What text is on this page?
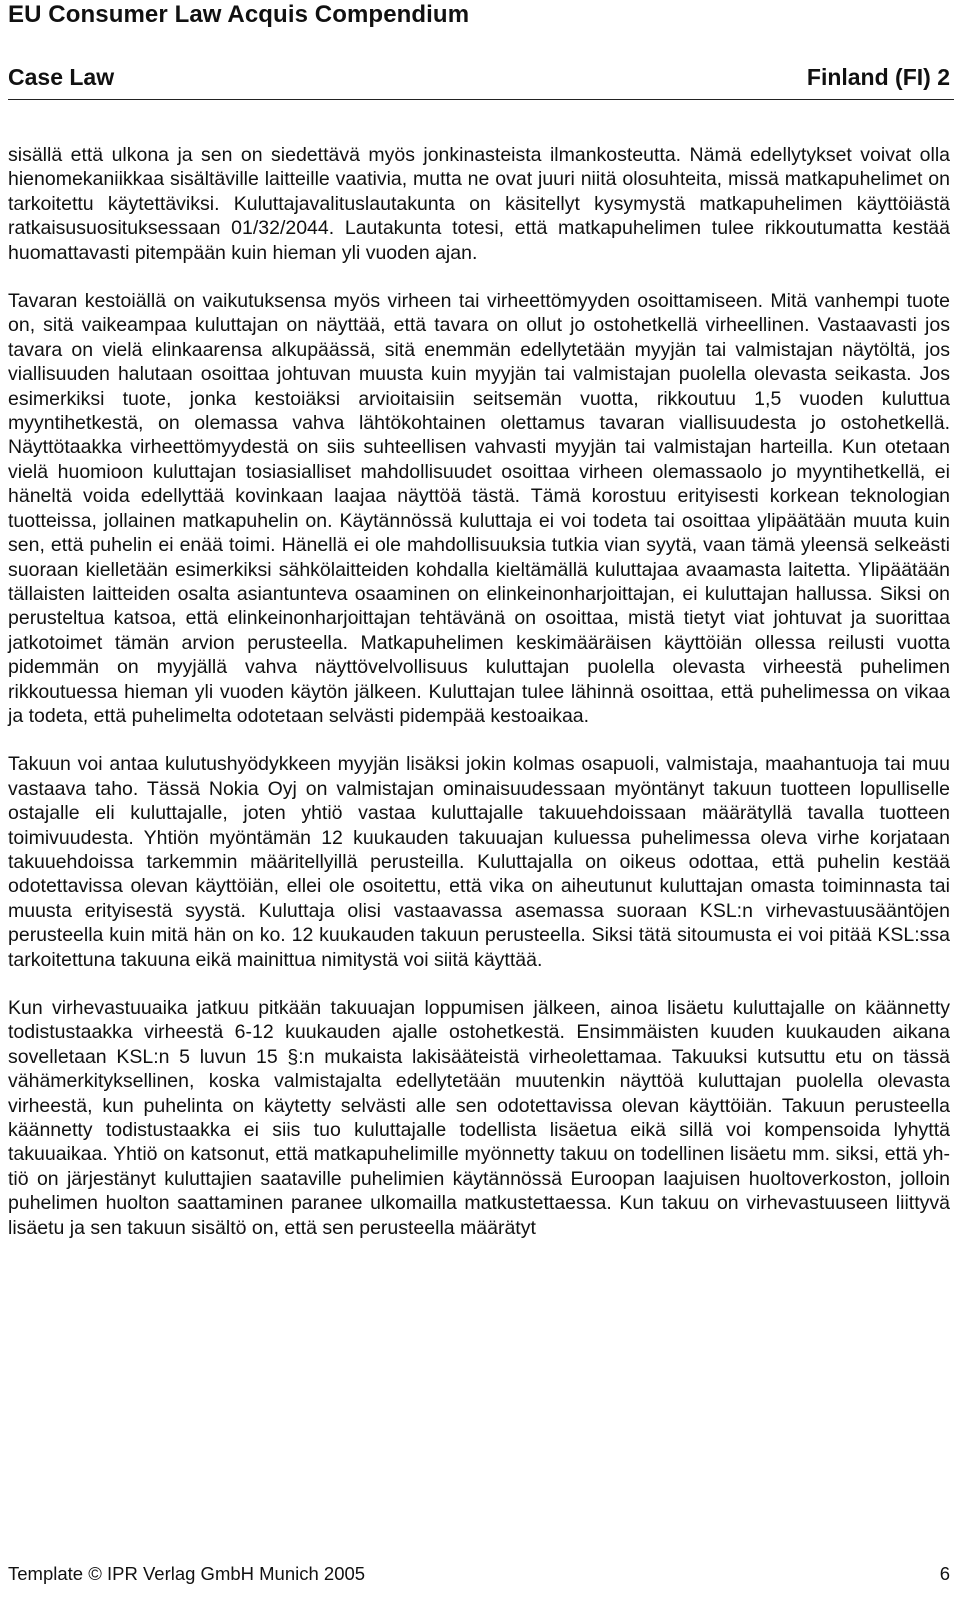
EU Consumer Law Acquis Compendium
Case Law	Finland (FI) 2

sisällä että ulkona ja sen on siedettävä myös jonkinasteista ilmankosteutta. Nämä edellytykset voivat olla hienomekaniikkaa sisältäville laitteille vaativia, mutta ne ovat juuri niitä olosuhteita, missä matkapuhelimet on tarkoitettu käytettäviksi. Kuluttajavalituslautakunta on käsitellyt kysymystä matkapuhelimen käyttöiästä ratkaisusuosituksessaan 01/32/2044. Lautakunta totesi, että matkapuhelimen tulee rikkoutumatta kestää huomattavasti pitempään kuin hieman yli vuoden ajan.

Tavaran kestoiällä on vaikutuksensa myös virheen tai virheettömyyden osoittamiseen. Mitä vanhempi tuote on, sitä vaikeampaa kuluttajan on näyttää, että tavara on ollut jo ostohetkellä virheellinen. Vastaavasti jos tavara on vielä elinkaarensa alkupäässä, sitä enemmän edellytetään myyjän tai valmistajan näytöltä, jos viallisuuden halutaan osoittaa johtuvan muusta kuin myyjän tai valmistajan puolella olevasta seikasta. Jos esimerkiksi tuote, jonka kestoiäksi arvioitaisiin seitsemän vuotta, rikkoutuu 1,5 vuoden kuluttua myyntihetkestä, on olemassa vahva lähtökohtainen olettamus tavaran viallisuudesta jo ostohetkellä. Näyttötaakka virheettömyydestä on siis suhteellisen vahvasti myyjän tai valmistajan harteilla. Kun otetaan vielä huomioon kuluttajan tosiasialliset mahdollisuudet osoittaa virheen olemassaolo jo myyntihetkellä, ei häneltä voida edellyttää kovinkaan laajaa näyttöä tästä. Tämä korostuu erityisesti korkean teknologian tuotteissa, jollainen matkapuhelin on. Käytännössä kuluttaja ei voi todeta tai osoittaa ylipäätään muuta kuin sen, että puhelin ei enää toimi. Hänellä ei ole mahdollisuuksia tutkia vian syytä, vaan tämä yleensä selkeästi suoraan kielletään esimerkiksi sähkölaitteiden kohdalla kieltämällä kuluttajaa avaamasta laitetta. Ylipäätään tällaisten laitteiden osalta asiantunteva osaaminen on elinkeinonharjoittajan, ei kuluttajan hallussa. Siksi on perusteltua katsoa, että elinkeinonharjoittajan tehtävänä on osoittaa, mistä tietyt viat johtuvat ja suorittaa jatkotoimet tämän arvion perusteella. Matkapuhelimen keskimääräisen käyttöiän ollessa reilusti vuotta pidemmän on myyjällä vahva näyttövelvollisuus kuluttajan puolella olevasta virheestä puhelimen rikkoutuessa hieman yli vuoden käytön jälkeen. Kuluttajan tulee lähinnä osoittaa, että puhelimessa on vikaa ja todeta, että puhelimelta odotetaan selvästi pidempää kestoaikaa.

Takuun voi antaa kulutushyödykkeen myyjän lisäksi jokin kolmas osapuoli, valmistaja, maahantuoja tai muu vastaava taho. Tässä Nokia Oyj on valmistajan ominaisuudessaan myöntänyt takuun tuotteen lopulliselle ostajalle eli kuluttajalle, joten yhtiö vastaa kuluttajalle takuuehdoissaan määrätyllä tavalla tuotteen toimivuudesta. Yhtiön myöntämän 12 kuukauden takuuajan kuluessa puhelimessa oleva virhe korjataan takuuehdoissa tarkemmin määritellyillä perusteilla. Kuluttajalla on oikeus odottaa, että puhelin kestää odotettavissa olevan käyttöiän, ellei ole osoitettu, että vika on aiheutunut kuluttajan omasta toiminnasta tai muusta erityisestä syystä. Kuluttaja olisi vastaavassa asemassa suoraan KSL:n virhevastuusääntöjen perusteella kuin mitä hän on ko. 12 kuukauden takuun perusteella. Siksi tätä sitoumusta ei voi pitää KSL:ssa tarkoitettuna takuuna eikä mainittua nimitystä voi siitä käyttää.

Kun virhevastuuaika jatkuu pitkään takuuajan loppumisen jälkeen, ainoa lisäetu kuluttajalle on käännetty todistustaakka virheestä 6-12 kuukauden ajalle ostohetkestä. Ensimmäisten kuuden kuukauden aikana sovelletaan KSL:n 5 luvun 15 §:n mukaista lakisääteistä virheolettamaa. Takuuksi kutsuttu etu on tässä vähämerkityksellinen, koska valmistajalta edellytetään muutenkin näyttöä kuluttajan puolella olevasta virheestä, kun puhelinta on käytetty selvästi alle sen odotettavissa olevan käyttöiän. Takuun perusteella käännetty todistustaakka ei siis tuo kuluttajalle todellista lisäetua eikä sillä voi kompensoida lyhyttä takuuaikaa. Yhtiö on katsonut, että matkapuhelimille myönnetty takuu on todellinen lisäetu mm. siksi, että yhtiö on järjestänyt kuluttajien saataville puhelimien käytännössä Euroopan laajuisen huoltoverkoston, jolloin puhelimen huolton saattaminen paranee ulkomailla matkustettaessa. Kun takuu on virhevastuuseen liittyvä lisäetu ja sen takuun sisältö on, että sen perusteella määrätyt

Template © IPR Verlag GmbH Munich 2005	6
